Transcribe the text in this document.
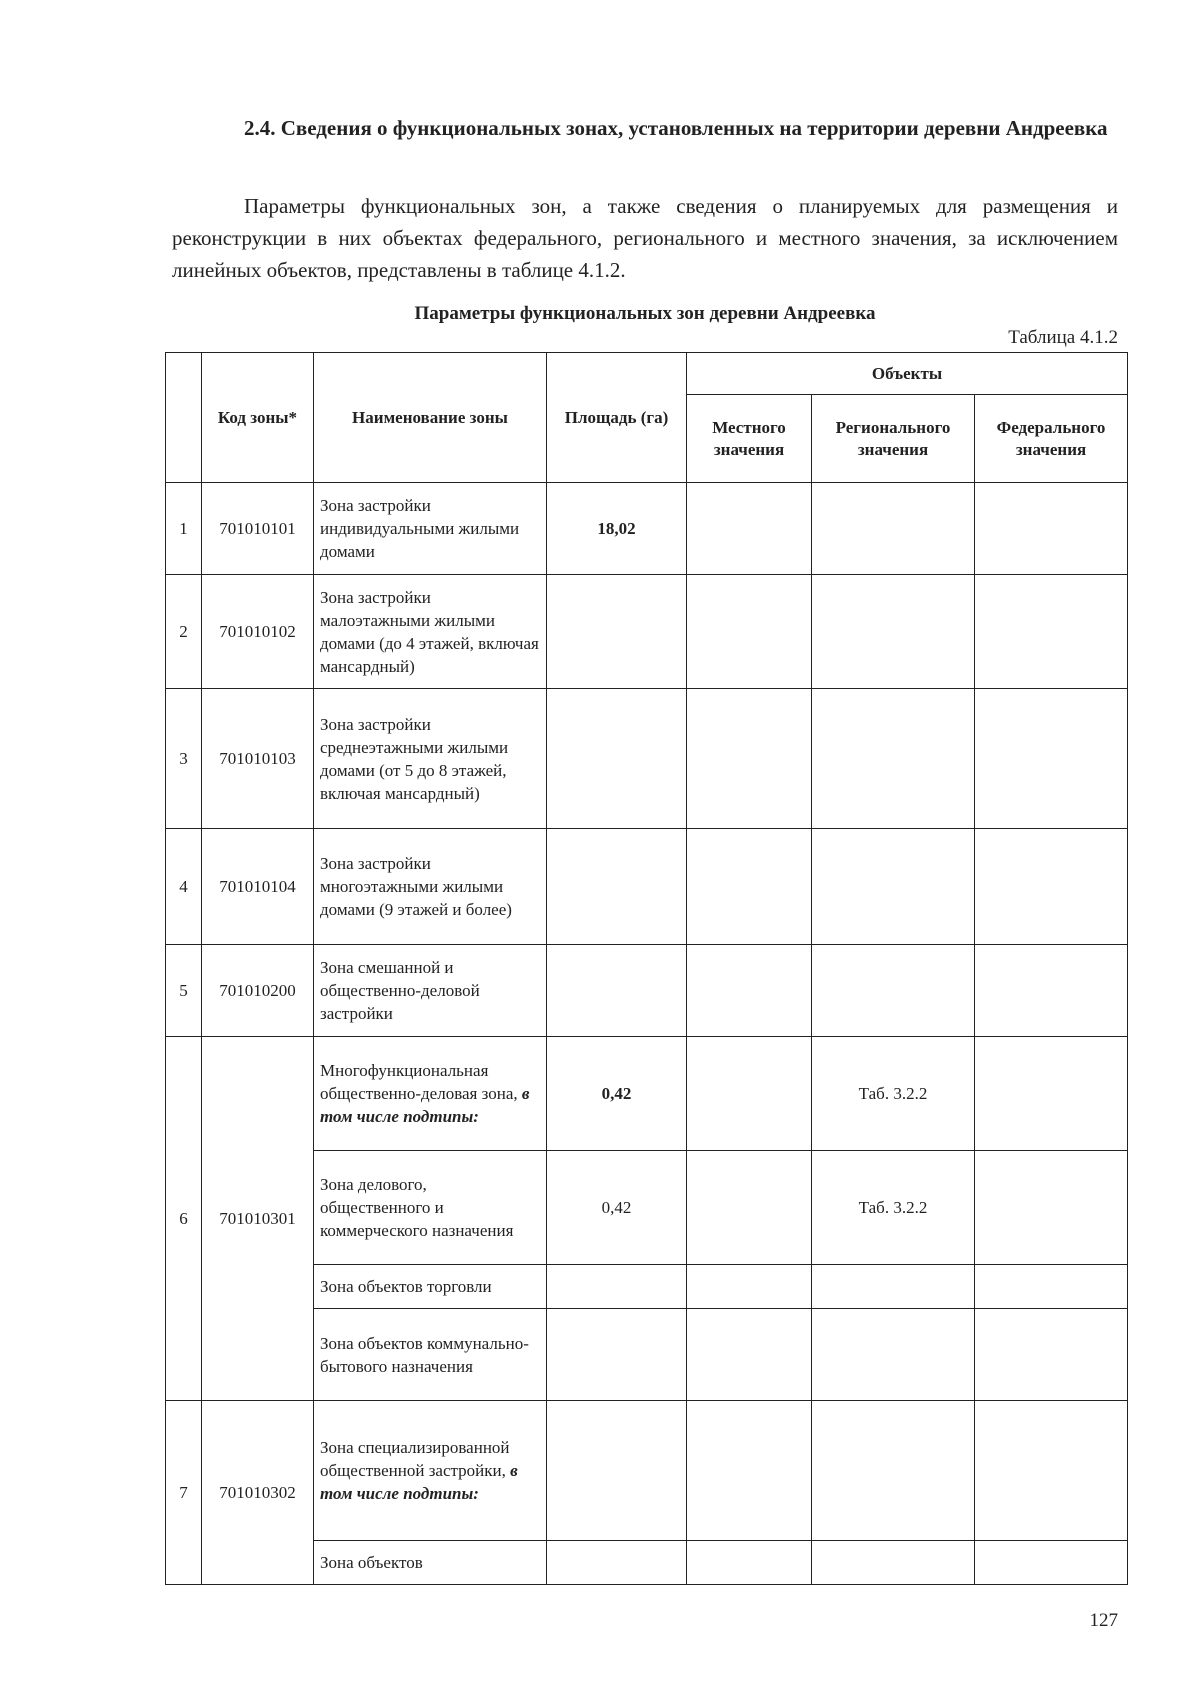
2.4. Сведения о функциональных зонах, установленных на территории деревни Андреевка
Параметры функциональных зон, а также сведения о планируемых для размещения и реконструкции в них объектах федерального, регионального и местного значения, за исключением линейных объектов, представлены в таблице 4.1.2.
Параметры функциональных зон деревни Андреевка
Таблица 4.1.2
	Код зоны*	Наименование зоны	Площадь (га)	Объекты		
				Местного значения	Регионального значения	Федерального значения
1	701010101	Зона застройки индивидуальными жилыми домами	18,02			
2	701010102	Зона застройки малоэтажными жилыми домами (до 4 этажей, включая мансардный)				
3	701010103	Зона застройки среднеэтажными жилыми домами (от 5 до 8 этажей, включая мансардный)				
4	701010104	Зона застройки многоэтажными жилыми домами (9 этажей и более)				
5	701010200	Зона смешанной и общественно-деловой застройки				
6	701010301	Многофункциональная общественно-деловая зона, в том числе подтипы:	0,42		Таб. 3.2.2	
		Зона делового, общественного и коммерческого назначения	0,42		Таб. 3.2.2	
		Зона объектов торговли				
		Зона объектов коммунально-бытового назначения				
7	701010302	Зона специализированной общественной застройки, в том числе подтипы:				
		Зона объектов				
127
